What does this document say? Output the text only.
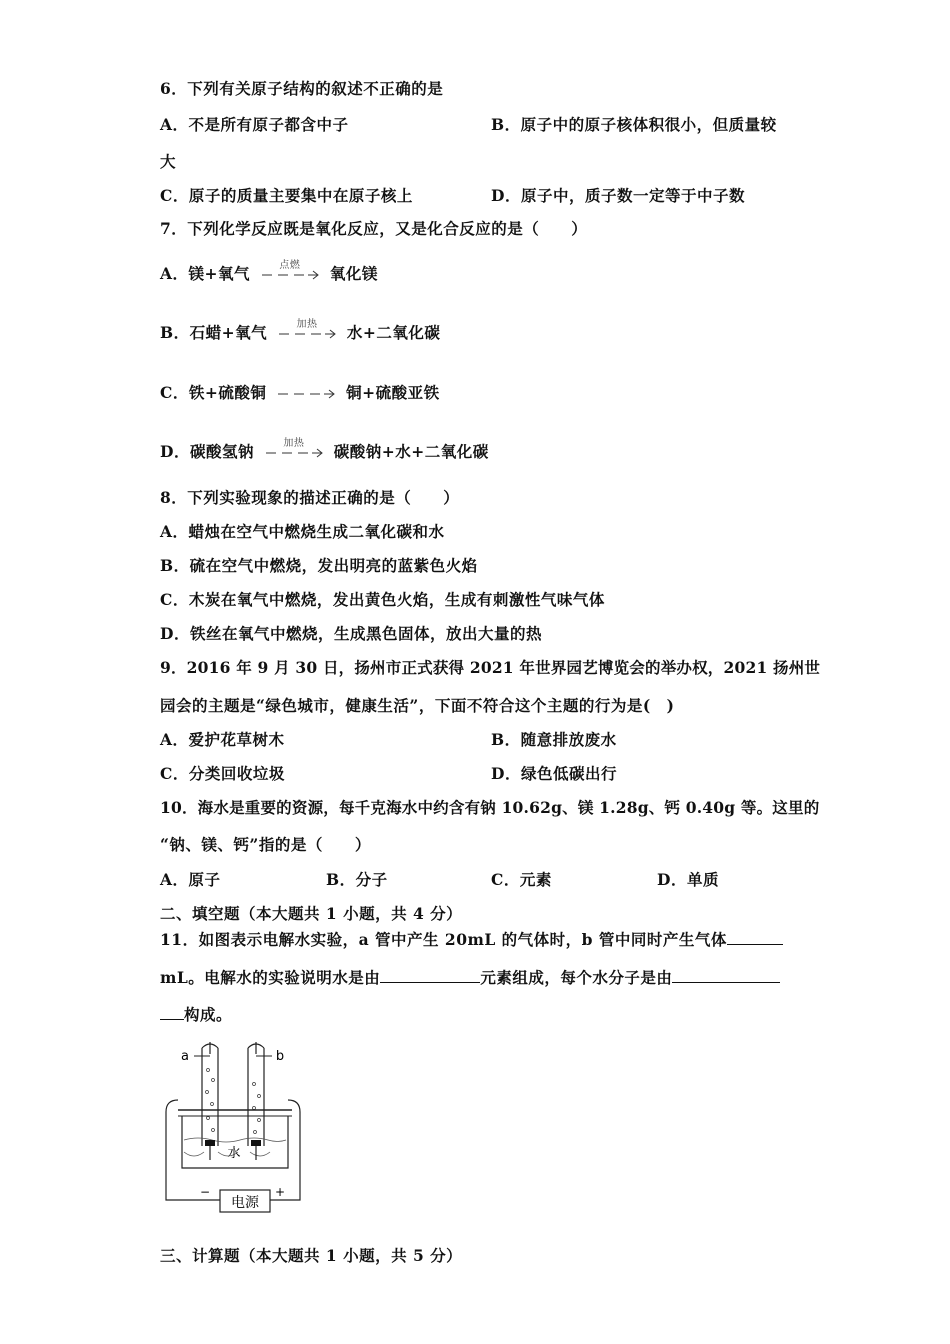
6．下列有关原子结构的叙述不正确的是
A．不是所有原子都含中子	B．原子中的原子核体积很小，但质量较
大
C．原子的质量主要集中在原子核上	D．原子中，质子数一定等于中子数
7．下列化学反应既是氧化反应，又是化合反应的是（　　）
A．镁+氧气	点燃	氧化镁
B．石蜡+氧气	加热	水+二氧化碳
C．铁+硫酸铜	铜+硫酸亚铁
D．碳酸氢钠	加热	碳酸钠+水+二氧化碳
8．下列实验现象的描述正确的是（　　）
A．蜡烛在空气中燃烧生成二氧化碳和水
B．硫在空气中燃烧，发出明亮的蓝紫色火焰
C．木炭在氧气中燃烧，发出黄色火焰，生成有刺激性气味气体
D．铁丝在氧气中燃烧，生成黑色固体，放出大量的热
9．2016 年 9 月 30 日，扬州市正式获得 2021 年世界园艺博览会的举办权，2021 扬州世
园会的主题是“绿色城市，健康生活”，下面不符合这个主题的行为是(　)
A．爱护花草树木	B．随意排放废水
C．分类回收垃圾	D．绿色低碳出行
10．海水是重要的资源，每千克海水中约含有钠 10.62g、镁 1.28g、钙 0.40g 等。这里的
“钠、镁、钙”指的是（　　）
A．原子	B．分子	C．元素	D．单质
二、填空题（本大题共 1 小题，共 4 分）
11．如图表示电解水实验，a 管中产生 20mL 的气体时，b 管中同时产生气体
mL。电解水的实验说明水是由	元素组成，每个水分子是由
构成。
电源
−	+
a	b
水
三、计算题（本大题共 1 小题，共 5 分）
